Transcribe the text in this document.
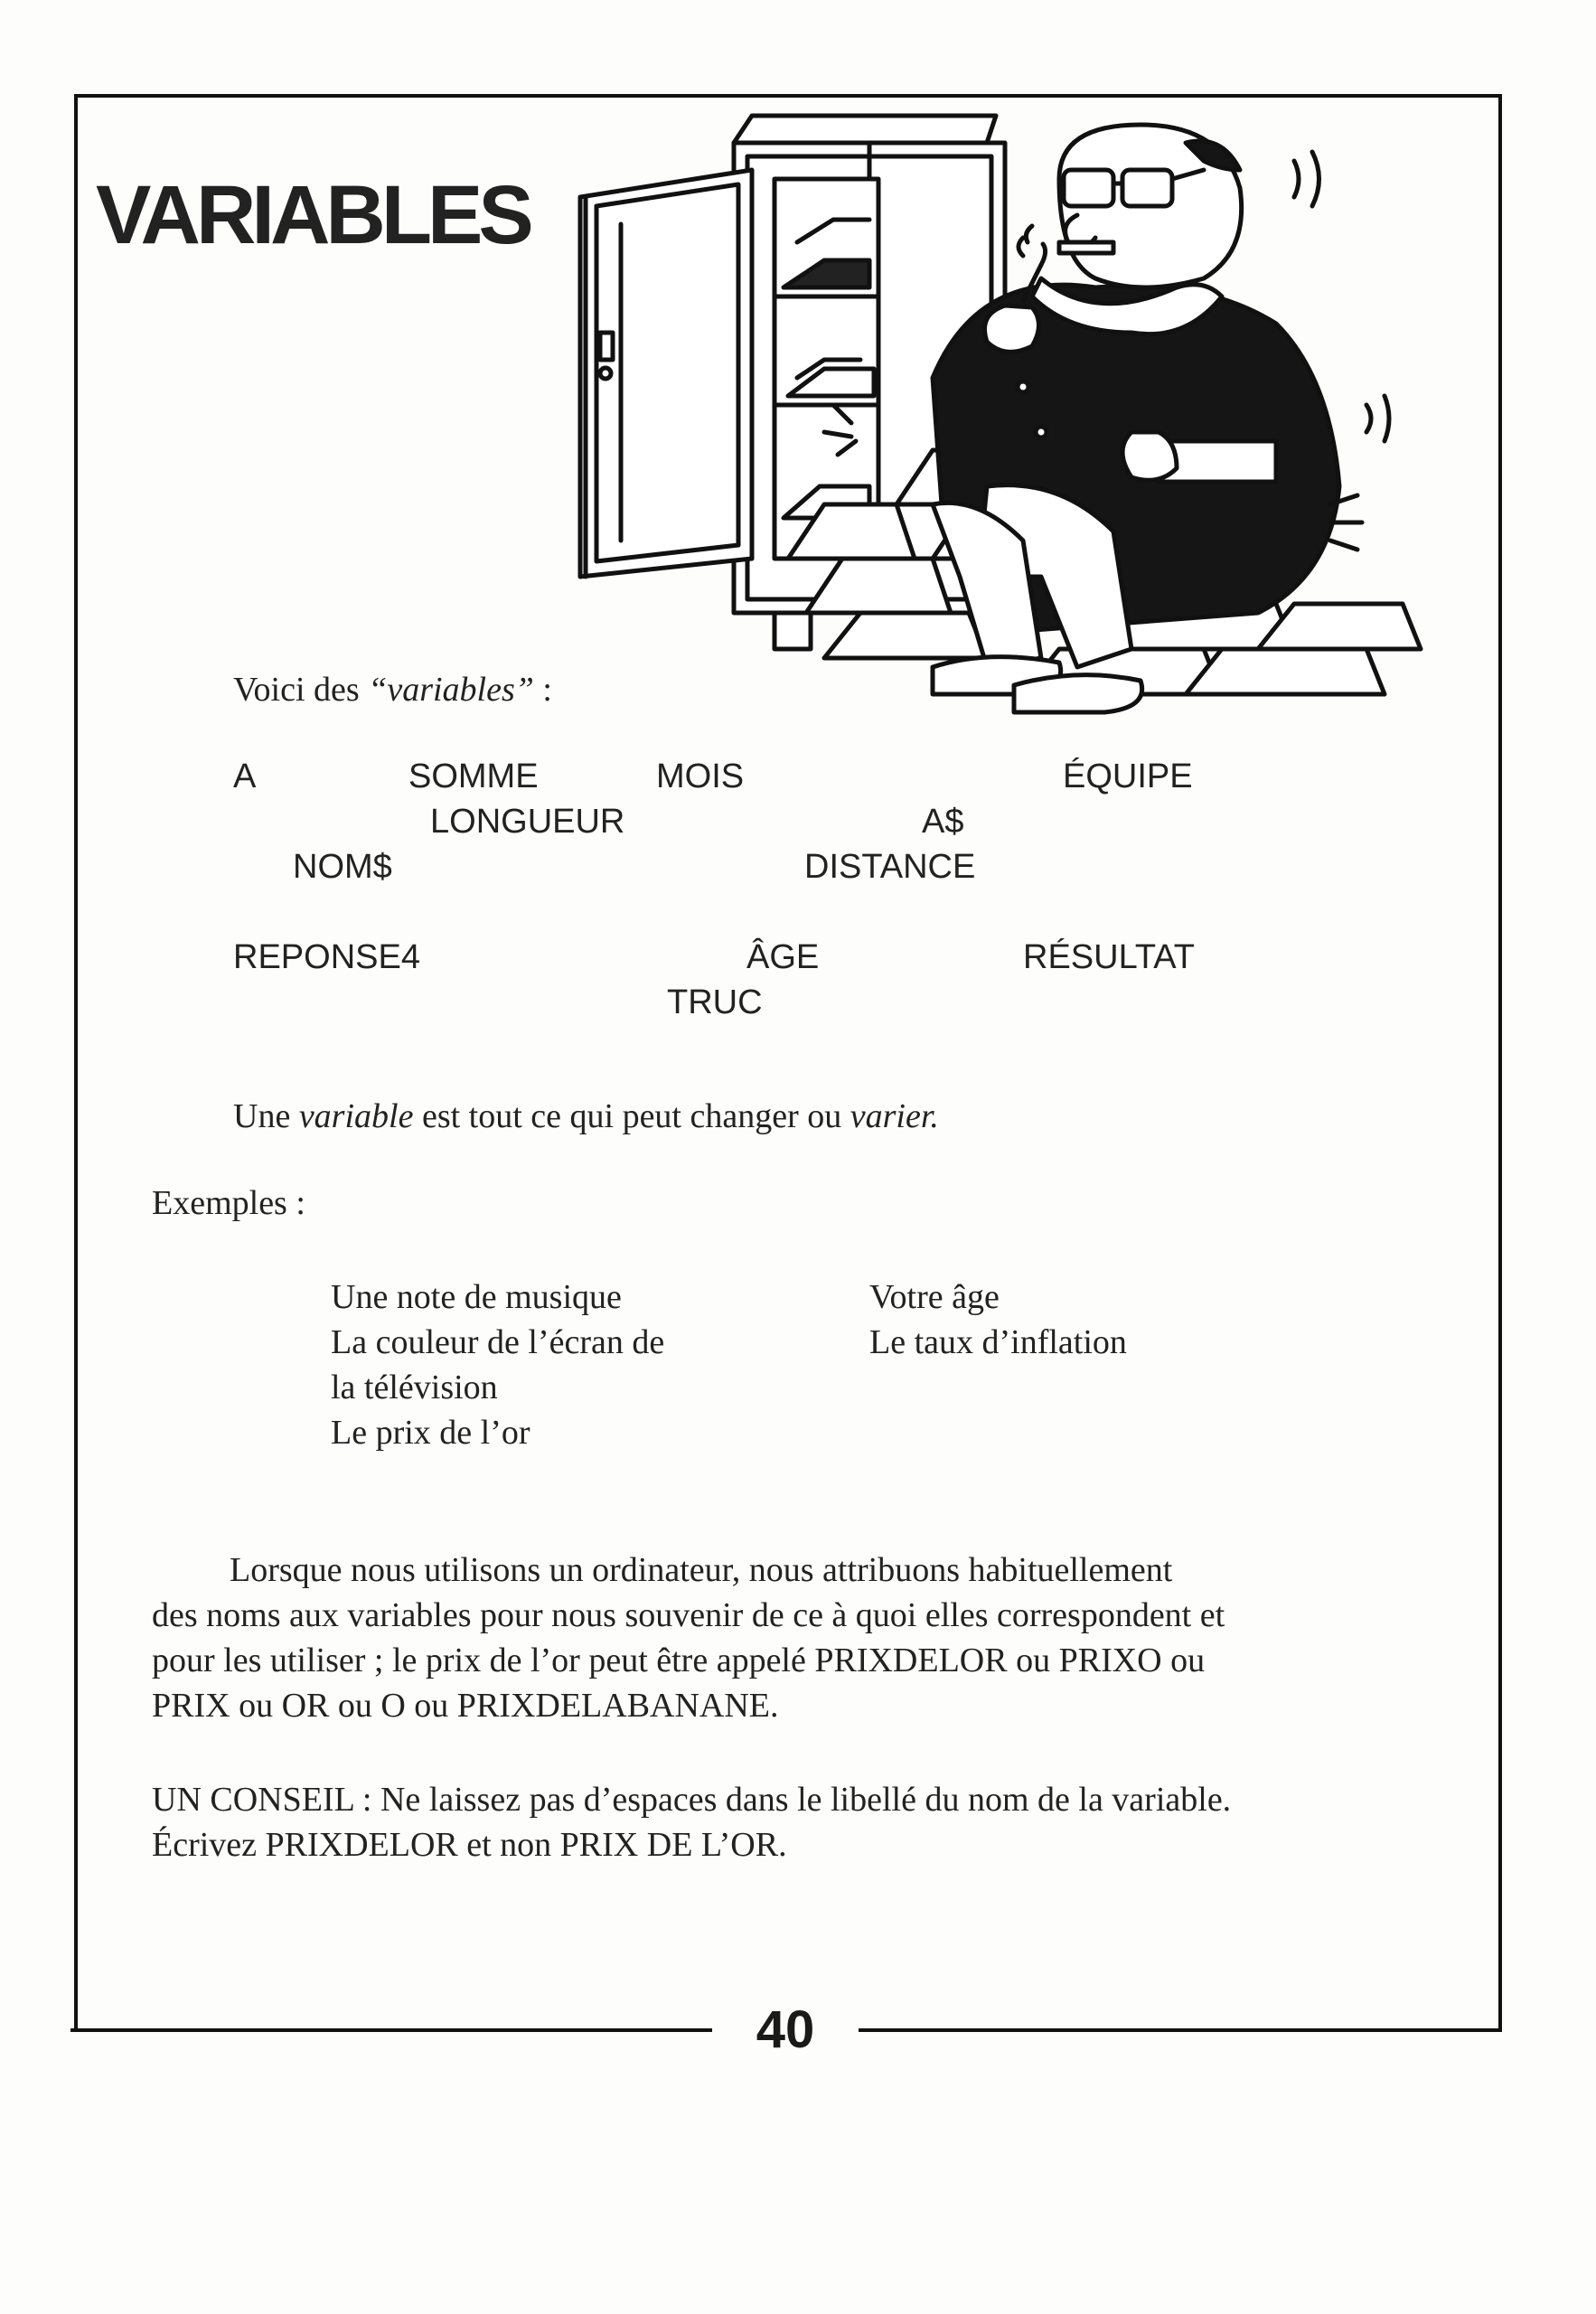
40
VARIABLES
Voici des “variables” :
A	SOMME	MOIS	ÉQUIPE
LONGUEUR	A$
NOM$	DISTANCE
REPONSE4	ÂGE	RÉSULTAT
TRUC
Une variable est tout ce qui peut changer ou varier.
Exemples :
Une note de musique
La couleur de l’écran de
la télévision
Le prix de l’or
Votre âge
Le taux d’inflation
Lorsque nous utilisons un ordinateur, nous attribuons habituellement
des noms aux variables pour nous souvenir de ce à quoi elles correspondent et
pour les utiliser ; le prix de l’or peut être appelé PRIXDELOR ou PRIXO ou
PRIX ou OR ou O ou PRIXDELABANANE.
UN CONSEIL : Ne laissez pas d’espaces dans le libellé du nom de la variable.
Écrivez PRIXDELOR et non PRIX DE L’OR.
